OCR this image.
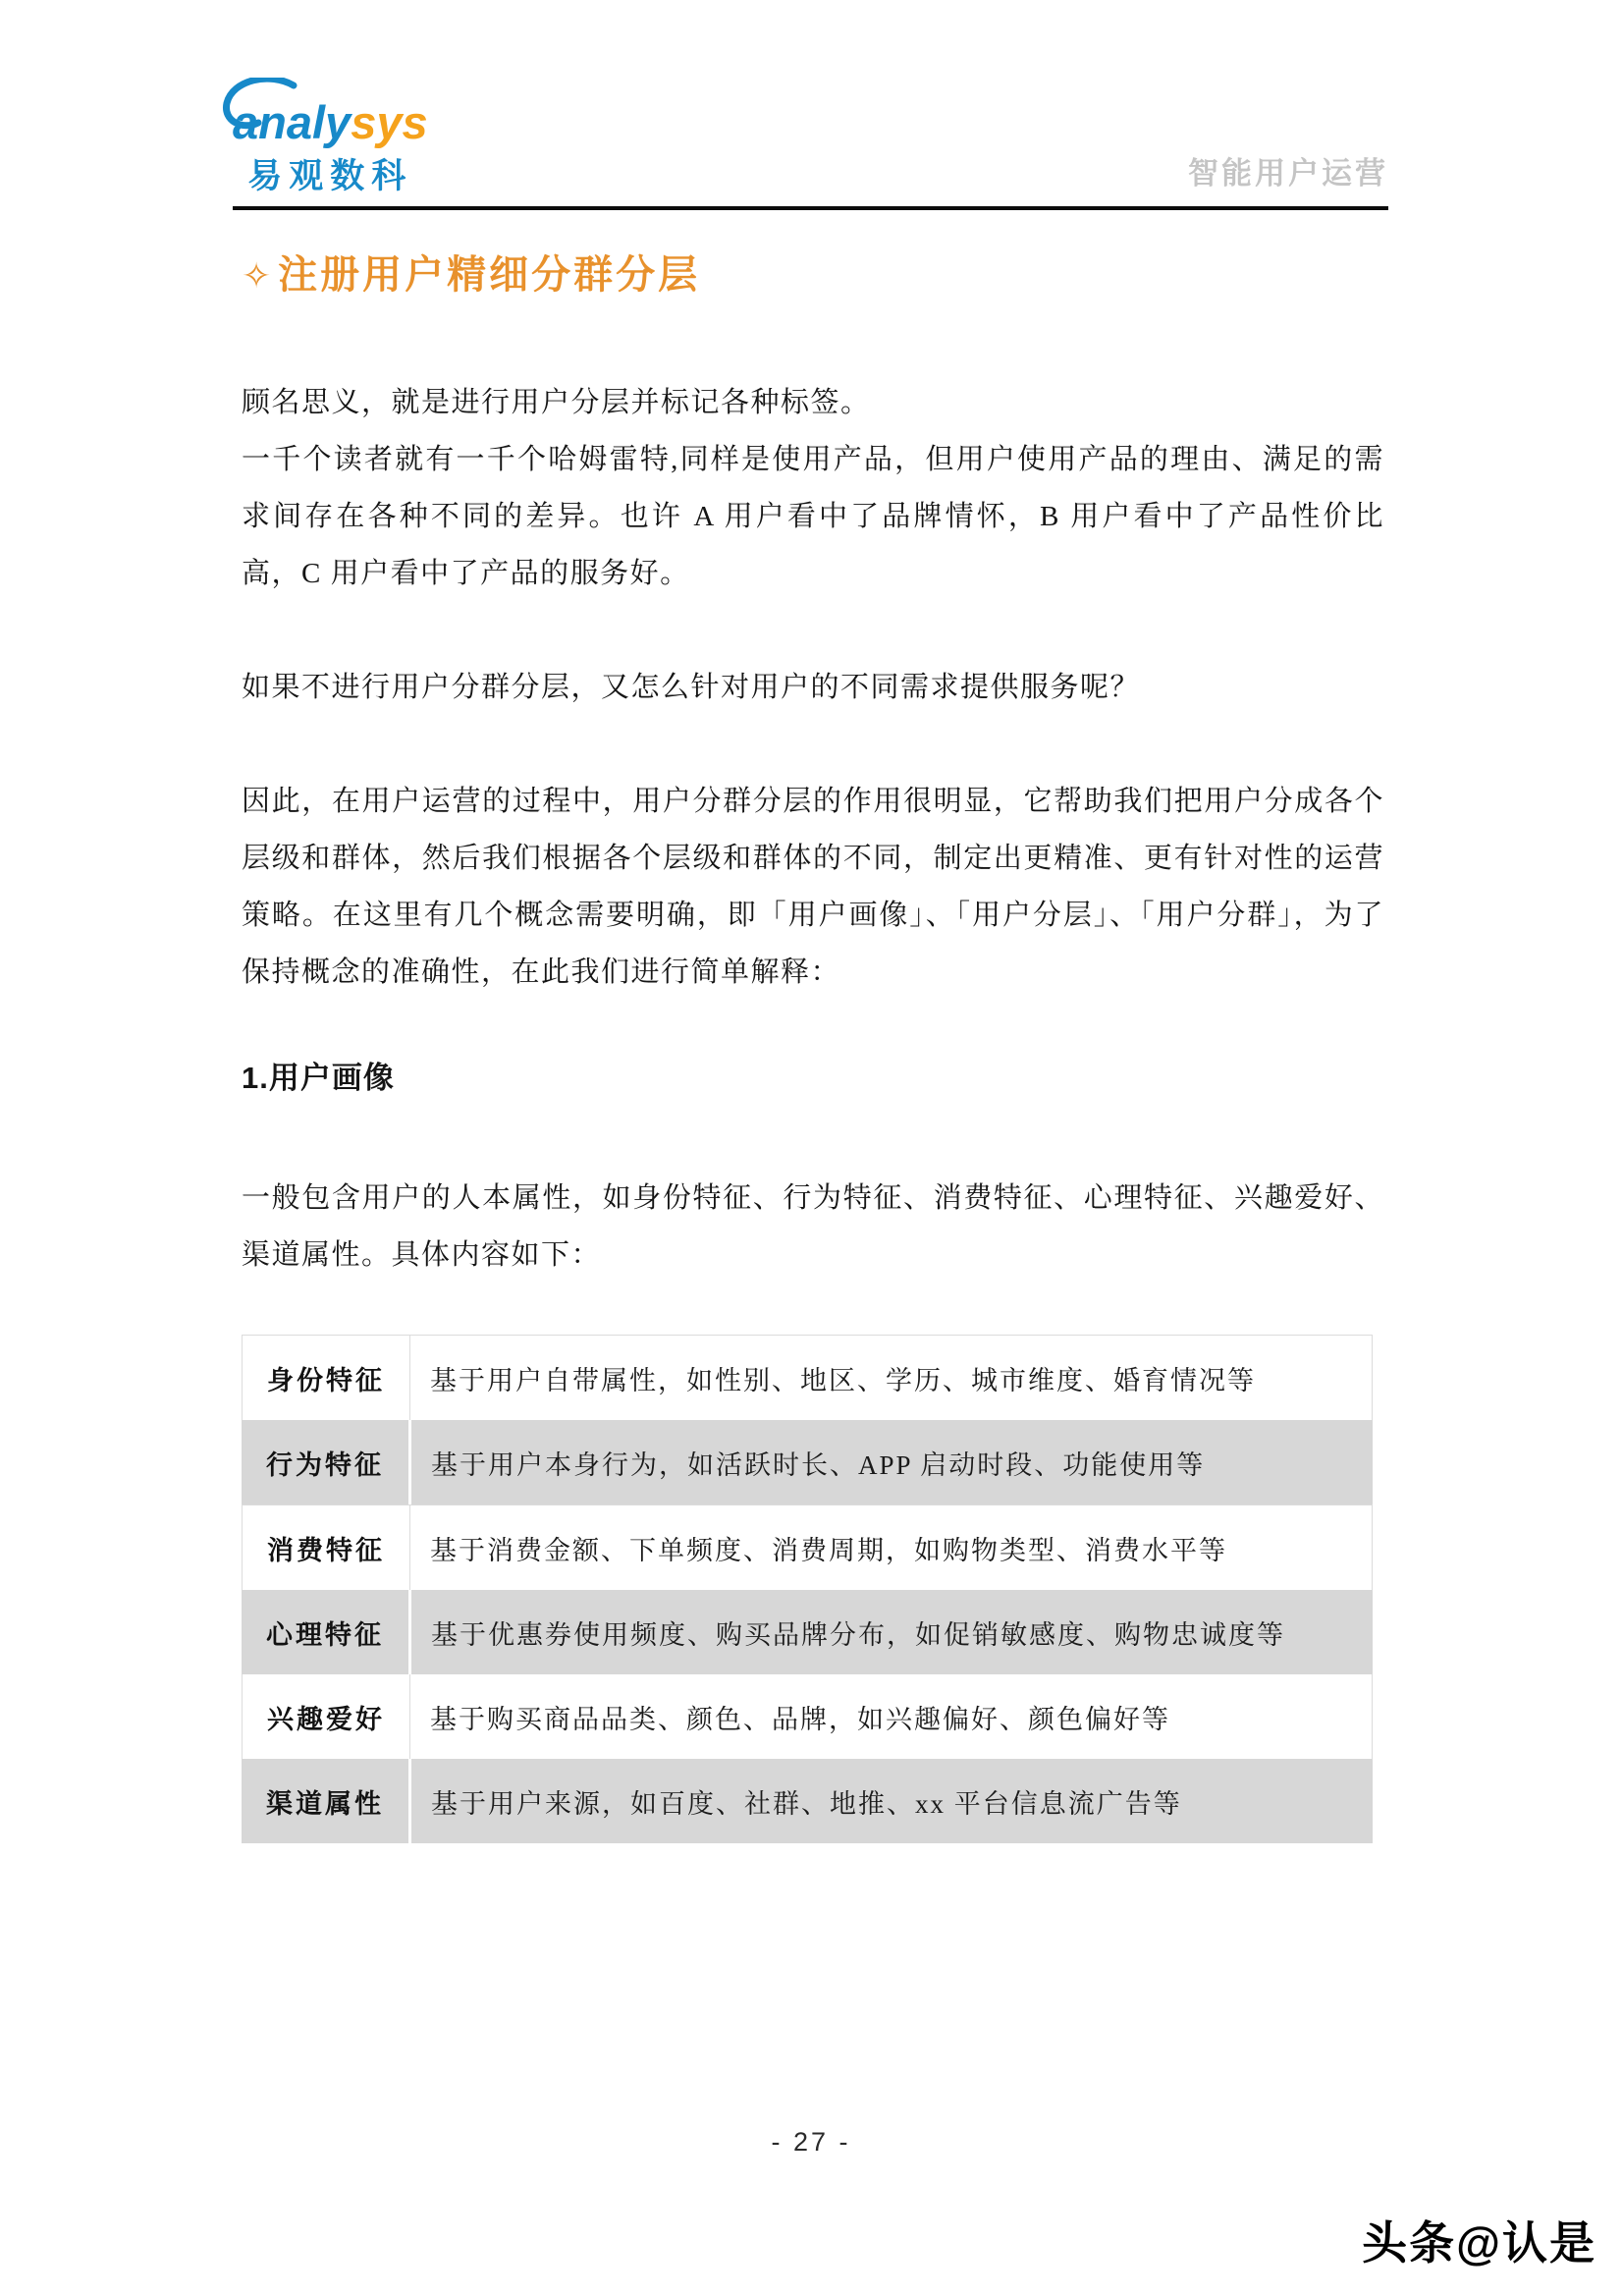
analysys
易观数科	智能用户运营
✧ 注册用户精细分群分层

顾名思义，就是进行用户分层并标记各种标签。

一千个读者就有一千个哈姆雷特,同样是使用产品，但用户使用产品的理由、满足的需求间存在各种不同的差异。也许 A 用户看中了品牌情怀，B 用户看中了产品性价比高，C 用户看中了产品的服务好。

如果不进行用户分群分层，又怎么针对用户的不同需求提供服务呢？

因此，在用户运营的过程中，用户分群分层的作用很明显，它帮助我们把用户分成各个层级和群体，然后我们根据各个层级和群体的不同，制定出更精准、更有针对性的运营策略。在这里有几个概念需要明确，即「用户画像」、「用户分层」、「用户分群」，为了保持概念的准确性，在此我们进行简单解释：

1.用户画像

一般包含用户的人本属性，如身份特征、行为特征、消费特征、心理特征、兴趣爱好、渠道属性。具体内容如下：

身份特征	基于用户自带属性，如性别、地区、学历、城市维度、婚育情况等
行为特征	基于用户本身行为，如活跃时长、APP 启动时段、功能使用等
消费特征	基于消费金额、下单频度、消费周期，如购物类型、消费水平等
心理特征	基于优惠券使用频度、购买品牌分布，如促销敏感度、购物忠诚度等
兴趣爱好	基于购买商品品类、颜色、品牌，如兴趣偏好、颜色偏好等
渠道属性	基于用户来源，如百度、社群、地推、xx 平台信息流广告等
- 27 -
头条@认是
